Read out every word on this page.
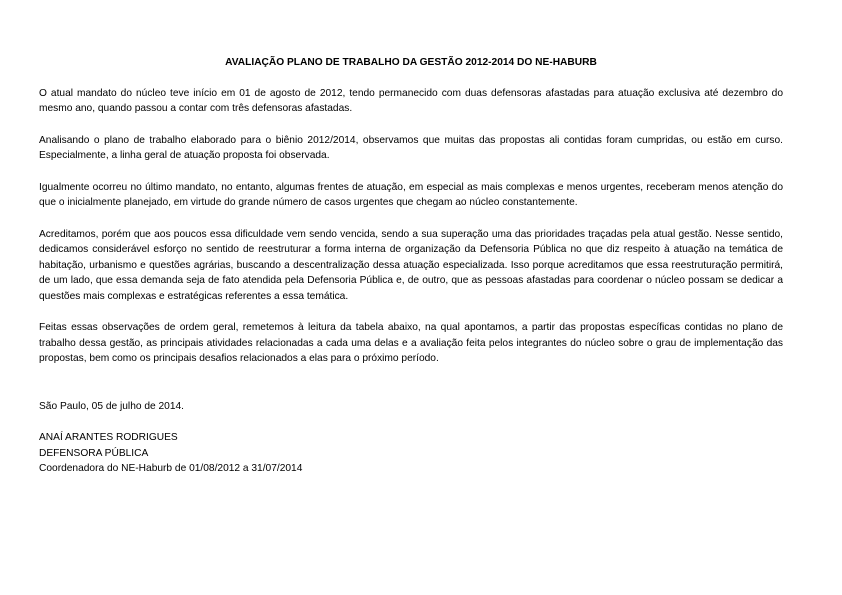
AVALIAÇÃO PLANO DE TRABALHO DA GESTÃO 2012-2014 DO NE-HABURB

O atual mandato do núcleo teve início em 01 de agosto de 2012, tendo permanecido com duas defensoras afastadas para atuação exclusiva até dezembro do mesmo ano, quando passou a contar com três defensoras afastadas.

Analisando o plano de trabalho elaborado para o biênio 2012/2014, observamos que muitas das propostas ali contidas foram cumpridas, ou estão em curso. Especialmente, a linha geral de atuação proposta foi observada.

Igualmente ocorreu no último mandato, no entanto, algumas frentes de atuação, em especial as mais complexas e menos urgentes, receberam menos atenção do que o inicialmente planejado, em virtude do grande número de casos urgentes que chegam ao núcleo constantemente.

Acreditamos, porém que aos poucos essa dificuldade vem sendo vencida, sendo a sua superação uma das prioridades traçadas pela atual gestão. Nesse sentido, dedicamos considerável esforço no sentido de reestruturar a forma interna de organização da Defensoria Pública no que diz respeito à atuação na temática de habitação, urbanismo e questões agrárias, buscando a descentralização dessa atuação especializada. Isso porque acreditamos que essa reestruturação permitirá, de um lado, que essa demanda seja de fato atendida pela Defensoria Pública e, de outro, que as pessoas afastadas para coordenar o núcleo possam se dedicar a questões mais complexas e estratégicas referentes a essa temática.

Feitas essas observações de ordem geral, remetemos à leitura da tabela abaixo, na qual apontamos, a partir das propostas específicas contidas no plano de trabalho dessa gestão, as principais atividades relacionadas a cada uma delas e a avaliação feita pelos integrantes do núcleo sobre o grau de implementação das propostas, bem como os principais desafios relacionados a elas para o próximo período.

São Paulo, 05 de julho de 2014.

ANAÍ ARANTES RODRIGUES

DEFENSORA PÚBLICA

Coordenadora do NE-Haburb de 01/08/2012 a 31/07/2014
